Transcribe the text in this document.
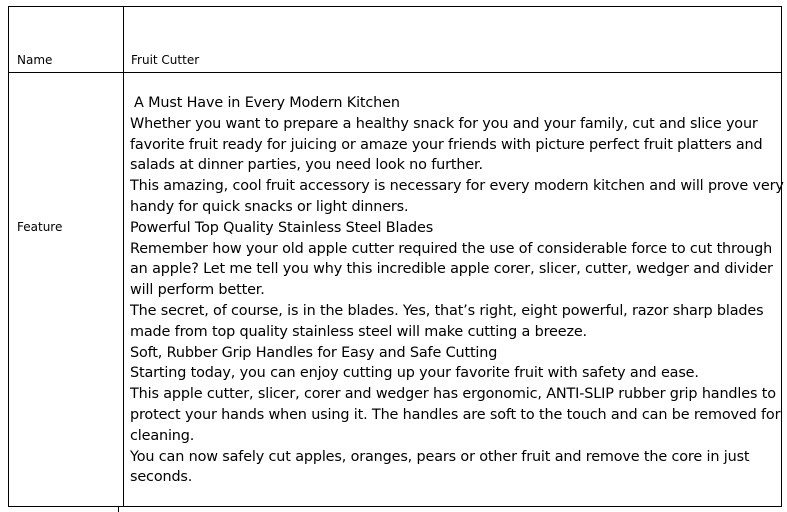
Name	Fruit Cutter
Feature
A Must Have in Every Modern Kitchen
Whether you want to prepare a healthy snack for you and your family, cut and slice your
favorite fruit ready for juicing or amaze your friends with picture perfect fruit platters and
salads at dinner parties, you need look no further.
This amazing, cool fruit accessory is necessary for every modern kitchen and will prove very
handy for quick snacks or light dinners.
Powerful Top Quality Stainless Steel Blades
Remember how your old apple cutter required the use of considerable force to cut through
an apple? Let me tell you why this incredible apple corer, slicer, cutter, wedger and divider
will perform better.
The secret, of course, is in the blades. Yes, that’s right, eight powerful, razor sharp blades
made from top quality stainless steel will make cutting a breeze.
Soft, Rubber Grip Handles for Easy and Safe Cutting
Starting today, you can enjoy cutting up your favorite fruit with safety and ease.
This apple cutter, slicer, corer and wedger has ergonomic, ANTI-SLIP rubber grip handles to
protect your hands when using it. The handles are soft to the touch and can be removed for
cleaning.
You can now safely cut apples, oranges, pears or other fruit and remove the core in just
seconds.
